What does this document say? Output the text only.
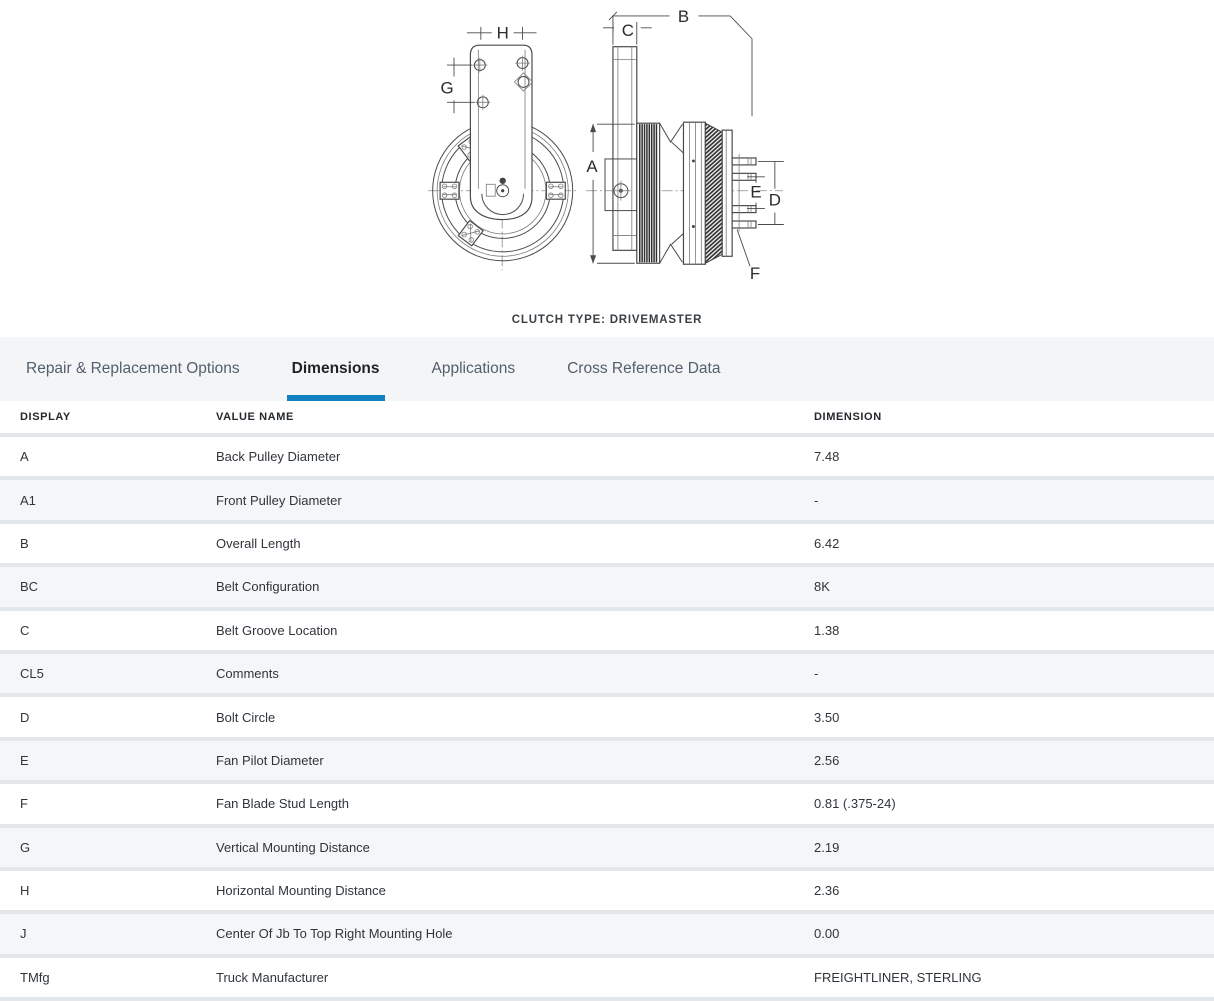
H
G
B
C
A
E D
F
CLUTCH TYPE: DRIVEMASTER
Repair & Replacement Options	Dimensions	Applications	Cross Reference Data
DISPLAY	VALUE NAME	DIMENSION
A	Back Pulley Diameter	7.48
A1	Front Pulley Diameter	-
B	Overall Length	6.42
BC	Belt Configuration	8K
C	Belt Groove Location	1.38
CL5	Comments	-
D	Bolt Circle	3.50
E	Fan Pilot Diameter	2.56
F	Fan Blade Stud Length	0.81 (.375-24)
G	Vertical Mounting Distance	2.19
H	Horizontal Mounting Distance	2.36
J	Center Of Jb To Top Right Mounting Hole	0.00
TMfg	Truck Manufacturer	FREIGHTLINER, STERLING
